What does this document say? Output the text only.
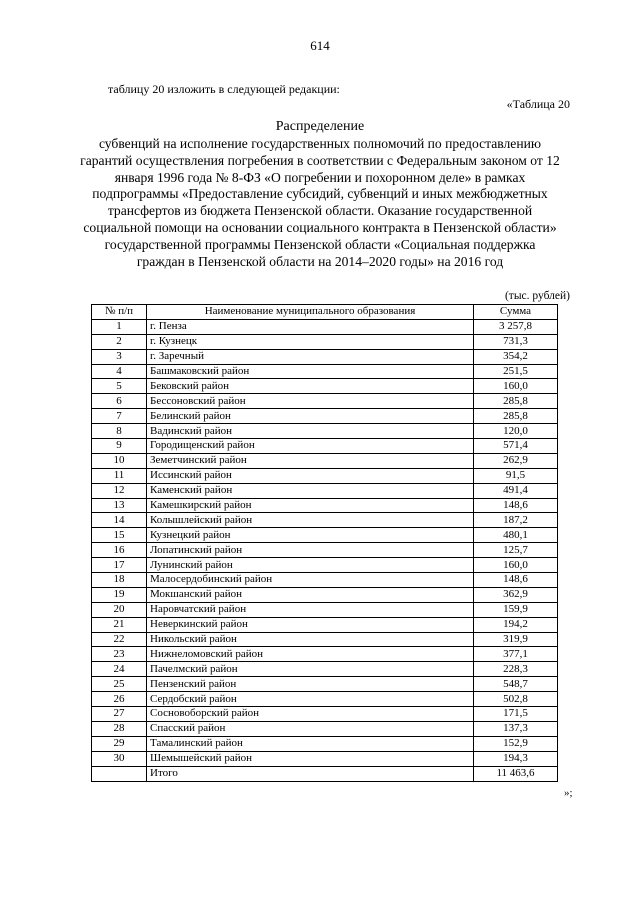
614
таблицу 20 изложить в следующей редакции:
«Таблица 20
Распределение
субвенций на исполнение государственных полномочий по предоставлению гарантий осуществления погребения в соответствии с Федеральным законом от 12 января 1996 года № 8-ФЗ «О погребении и похоронном деле» в рамках подпрограммы «Предоставление субсидий, субвенций и иных межбюджетных трансфертов из бюджета Пензенской области. Оказание государственной социальной помощи на основании социального контракта в Пензенской области» государственной программы Пензенской области «Социальная поддержка граждан в Пензенской области на 2014–2020 годы» на 2016 год
(тыс. рублей)
№ п/п	Наименование муниципального образования	Сумма
1	г. Пенза	3 257,8
2	г. Кузнецк	731,3
3	г. Заречный	354,2
4	Башмаковский район	251,5
5	Бековский район	160,0
6	Бессоновский район	285,8
7	Белинский район	285,8
8	Вадинский район	120,0
9	Городищенский район	571,4
10	Земетчинский район	262,9
11	Иссинский район	91,5
12	Каменский район	491,4
13	Камешкирский район	148,6
14	Колышлейский район	187,2
15	Кузнецкий район	480,1
16	Лопатинский район	125,7
17	Лунинский район	160,0
18	Малосердобинский район	148,6
19	Мокшанский район	362,9
20	Наровчатский район	159,9
21	Неверкинский район	194,2
22	Никольский район	319,9
23	Нижнеломовский район	377,1
24	Пачелмский район	228,3
25	Пензенский район	548,7
26	Сердобский район	502,8
27	Сосновоборский район	171,5
28	Спасский район	137,3
29	Тамалинский район	152,9
30	Шемышейский район	194,3
	Итого	11 463,6
»;
